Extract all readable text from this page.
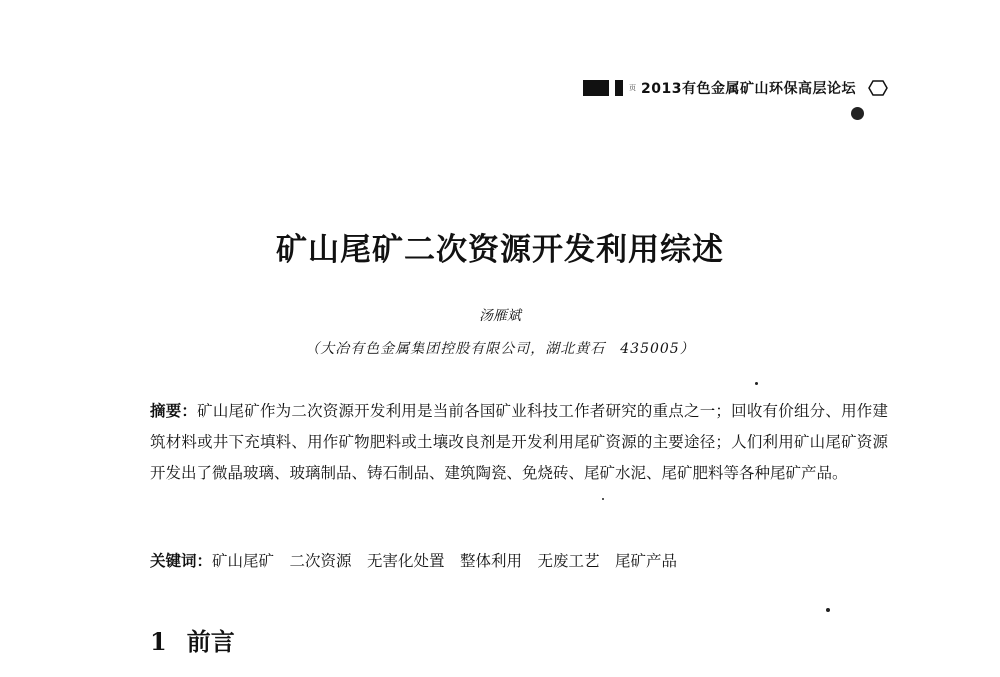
页 2013有色金属矿山环保高层论坛
矿山尾矿二次资源开发利用综述
汤雁斌
（大冶有色金属集团控股有限公司，湖北黄石　435005）
摘要：矿山尾矿作为二次资源开发利用是当前各国矿业科技工作者研究的重点之一；回收有价组分、用作建筑材料或井下充填料、用作矿物肥料或土壤改良剂是开发利用尾矿资源的主要途径；人们利用矿山尾矿资源开发出了微晶玻璃、玻璃制品、铸石制品、建筑陶瓷、免烧砖、尾矿水泥、尾矿肥料等各种尾矿产品。
关键词：矿山尾矿　二次资源　无害化处置　整体利用　无废工艺　尾矿产品
1 前言
